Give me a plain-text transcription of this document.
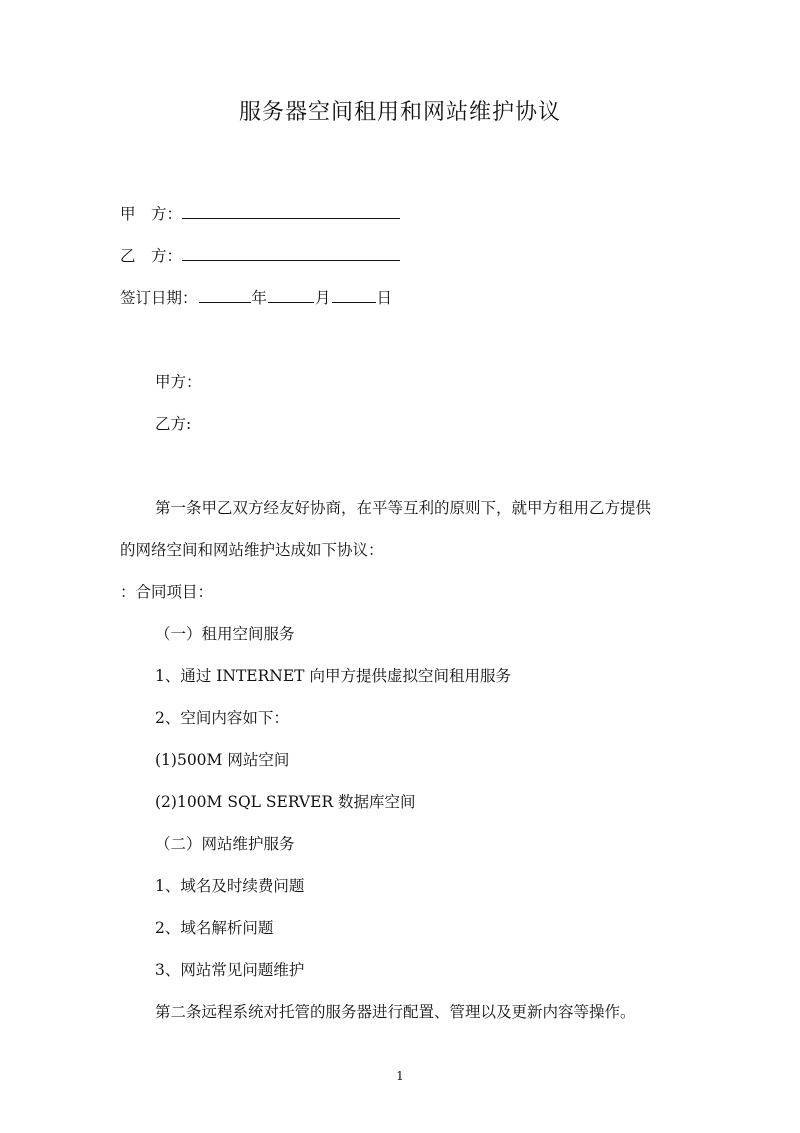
服务器空间租用和网站维护协议
甲　方：
乙　方：
签订日期：	年	月	日
甲方：
乙方:
第一条甲乙双方经友好协商，在平等互利的原则下，就甲方租用乙方提供
的网络空间和网站维护达成如下协议：
：合同项目：
（一）租用空间服务
1、通过 INTERNET 向甲方提供虚拟空间租用服务
2、空间内容如下：
(1)500M 网站空间
(2)100M SQL SERVER 数据库空间
（二）网站维护服务
1、域名及时续费问题
2、域名解析问题
3、网站常见问题维护
第二条远程系统对托管的服务器进行配置、管理以及更新内容等操作。
1
